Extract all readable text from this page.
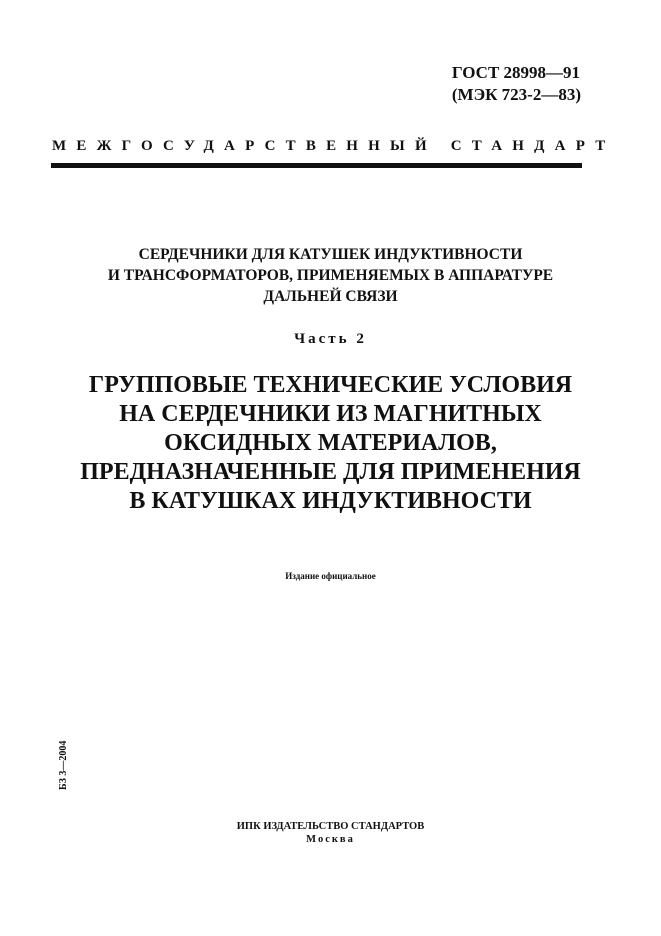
ГОСТ 28998—91
(МЭК 723-2—83)
МЕЖГОСУДАРСТВЕННЫЙ СТАНДАРТ
СЕРДЕЧНИКИ ДЛЯ КАТУШЕК ИНДУКТИВНОСТИ
И ТРАНСФОРМАТОРОВ, ПРИМЕНЯЕМЫХ В АППАРАТУРЕ
ДАЛЬНЕЙ СВЯЗИ
Часть 2
ГРУППОВЫЕ ТЕХНИЧЕСКИЕ УСЛОВИЯ
НА СЕРДЕЧНИКИ ИЗ МАГНИТНЫХ
ОКСИДНЫХ МАТЕРИАЛОВ,
ПРЕДНАЗНАЧЕННЫЕ ДЛЯ ПРИМЕНЕНИЯ
В КАТУШКАХ ИНДУКТИВНОСТИ
Издание официальное
БЗ 3—2004
ИПК ИЗДАТЕЛЬСТВО СТАНДАРТОВ
Москва
